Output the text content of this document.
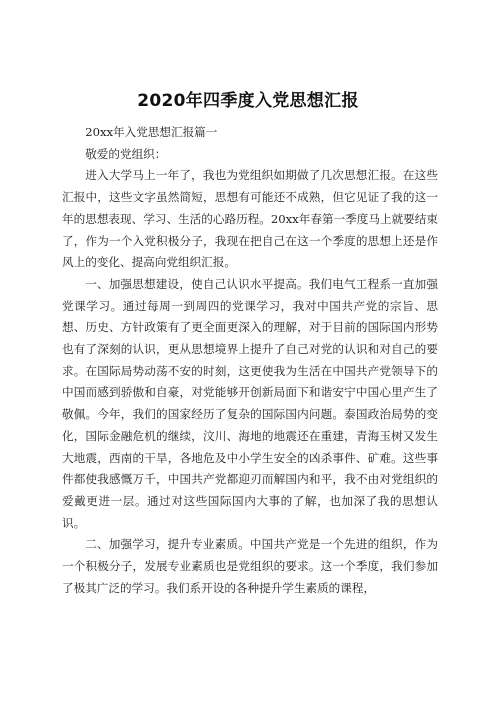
2020年四季度入党思想汇报

20xx年入党思想汇报篇一

敬爱的党组织：

进入大学马上一年了，我也为党组织如期做了几次思想汇报。在这些汇报中，这些文字虽然简短，思想有可能还不成熟，但它见证了我的这一年的思想表现、学习、生活的心路历程。20xx年春第一季度马上就要结束了，作为一个入党积极分子，我现在把自己在这一个季度的思想上还是作风上的变化、提高向党组织汇报。

一、加强思想建设，使自己认识水平提高。我们电气工程系一直加强党课学习。通过每周一到周四的党课学习，我对中国共产党的宗旨、思想、历史、方针政策有了更全面更深入的理解，对于目前的国际国内形势也有了深刻的认识，更从思想境界上提升了自己对党的认识和对自己的要求。在国际局势动荡不安的时刻，这更使我为生活在中国共产党领导下的中国而感到骄傲和自豪，对党能够开创新局面下和谐安宁中国心里产生了敬佩。今年，我们的国家经历了复杂的国际国内问题。泰国政治局势的变化，国际金融危机的继续，汶川、海地的地震还在重建，青海玉树又发生大地震，西南的干旱，各地危及中小学生安全的凶杀事件、矿难。这些事件都使我感慨万千，中国共产党都迎刃而解国内和平，我不由对党组织的爱戴更进一层。通过对这些国际国内大事的了解，也加深了我的思想认识。

二、加强学习，提升专业素质。中国共产党是一个先进的组织，作为一个积极分子，发展专业素质也是党组织的要求。这一个季度，我们参加了极其广泛的学习。我们系开设的各种提升学生素质的课程，
